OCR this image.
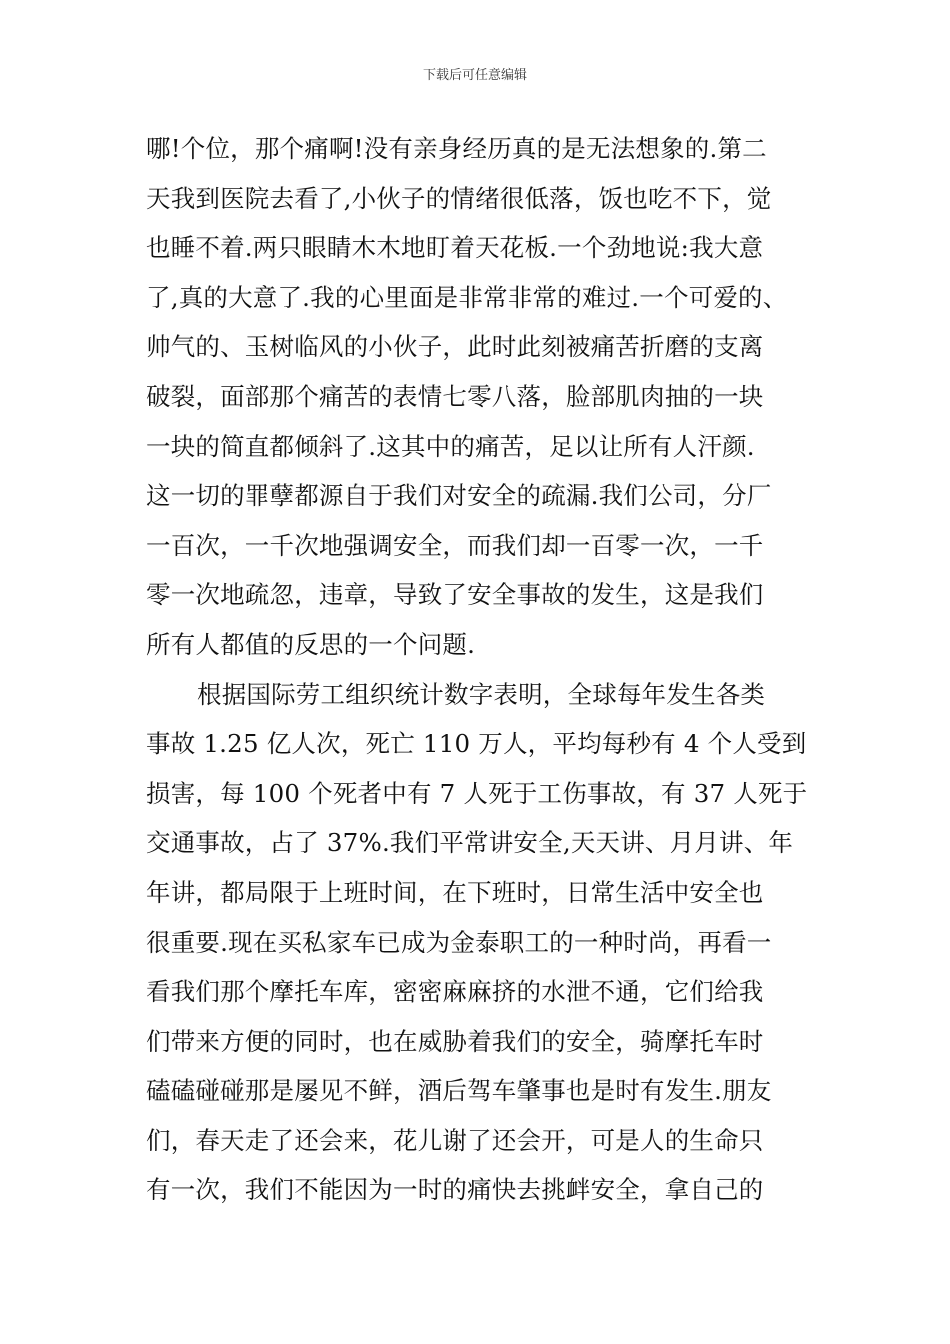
下载后可任意编辑
哪!个位，那个痛啊!没有亲身经历真的是无法想象的.第二
天我到医院去看了,小伙子的情绪很低落，饭也吃不下，觉
也睡不着.两只眼睛木木地盯着天花板.一个劲地说:我大意
了,真的大意了.我的心里面是非常非常的难过.一个可爱的、
帅气的、玉树临风的小伙子，此时此刻被痛苦折磨的支离
破裂，面部那个痛苦的表情七零八落，脸部肌肉抽的一块
一块的简直都倾斜了.这其中的痛苦，足以让所有人汗颜.
这一切的罪孽都源自于我们对安全的疏漏.我们公司，分厂
一百次，一千次地强调安全，而我们却一百零一次，一千
零一次地疏忽，违章，导致了安全事故的发生，这是我们
所有人都值的反思的一个问题.
根据国际劳工组织统计数字表明，全球每年发生各类
事故 1.25 亿人次，死亡 110 万人，平均每秒有 4 个人受到
损害，每 100 个死者中有 7 人死于工伤事故，有 37 人死于
交通事故，占了 37%.我们平常讲安全,天天讲、月月讲、年
年讲，都局限于上班时间，在下班时，日常生活中安全也
很重要.现在买私家车已成为金泰职工的一种时尚，再看一
看我们那个摩托车库，密密麻麻挤的水泄不通，它们给我
们带来方便的同时，也在威胁着我们的安全，骑摩托车时
磕磕碰碰那是屡见不鲜，酒后驾车肇事也是时有发生.朋友
们，春天走了还会来，花儿谢了还会开，可是人的生命只
有一次，我们不能因为一时的痛快去挑衅安全，拿自己的
